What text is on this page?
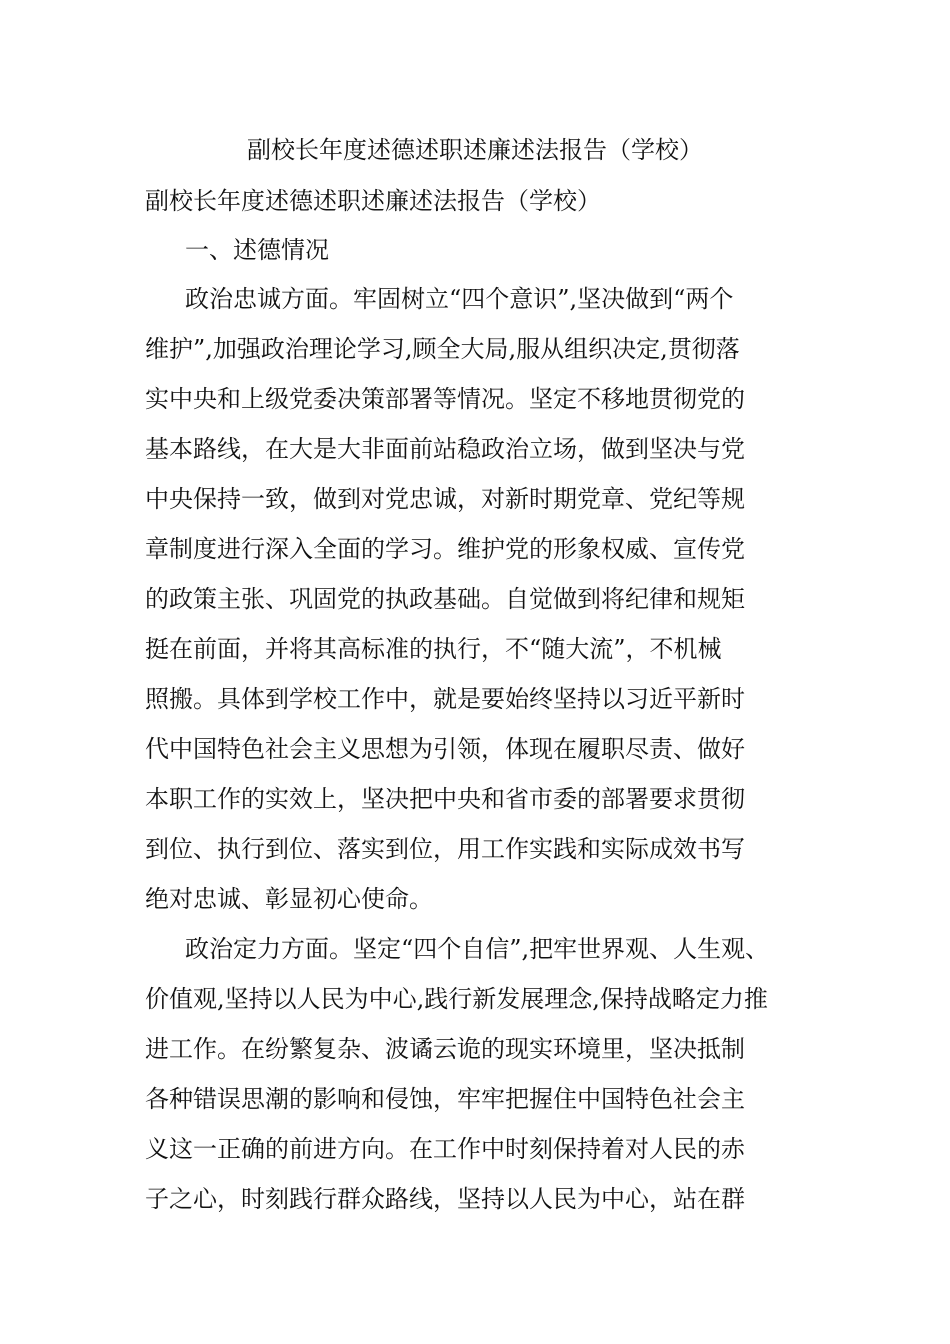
副校长年度述德述职述廉述法报告（学校）
副校长年度述德述职述廉述法报告（学校）
一、述德情况

政治忠诚方面。牢固树立“四个意识”,坚决做到“两个

维护”,加强政治理论学习,顾全大局,服从组织决定,贯彻落

实中央和上级党委决策部署等情况。坚定不移地贯彻党的

基本路线，在大是大非面前站稳政治立场，做到坚决与党

中央保持一致，做到对党忠诚，对新时期党章、党纪等规

章制度进行深入全面的学习。维护党的形象权威、宣传党

的政策主张、巩固党的执政基础。自觉做到将纪律和规矩

挺在前面，并将其高标准的执行，不“随大流”，不机械

照搬。具体到学校工作中，就是要始终坚持以习近平新时

代中国特色社会主义思想为引领，体现在履职尽责、做好

本职工作的实效上，坚决把中央和省市委的部署要求贯彻

到位、执行到位、落实到位，用工作实践和实际成效书写

绝对忠诚、彰显初心使命。

政治定力方面。坚定“四个自信”,把牢世界观、人生观、

价值观,坚持以人民为中心,践行新发展理念,保持战略定力推

进工作。在纷繁复杂、波谲云诡的现实环境里，坚决抵制

各种错误思潮的影响和侵蚀，牢牢把握住中国特色社会主

义这一正确的前进方向。在工作中时刻保持着对人民的赤

子之心，时刻践行群众路线，坚持以人民为中心，站在群
